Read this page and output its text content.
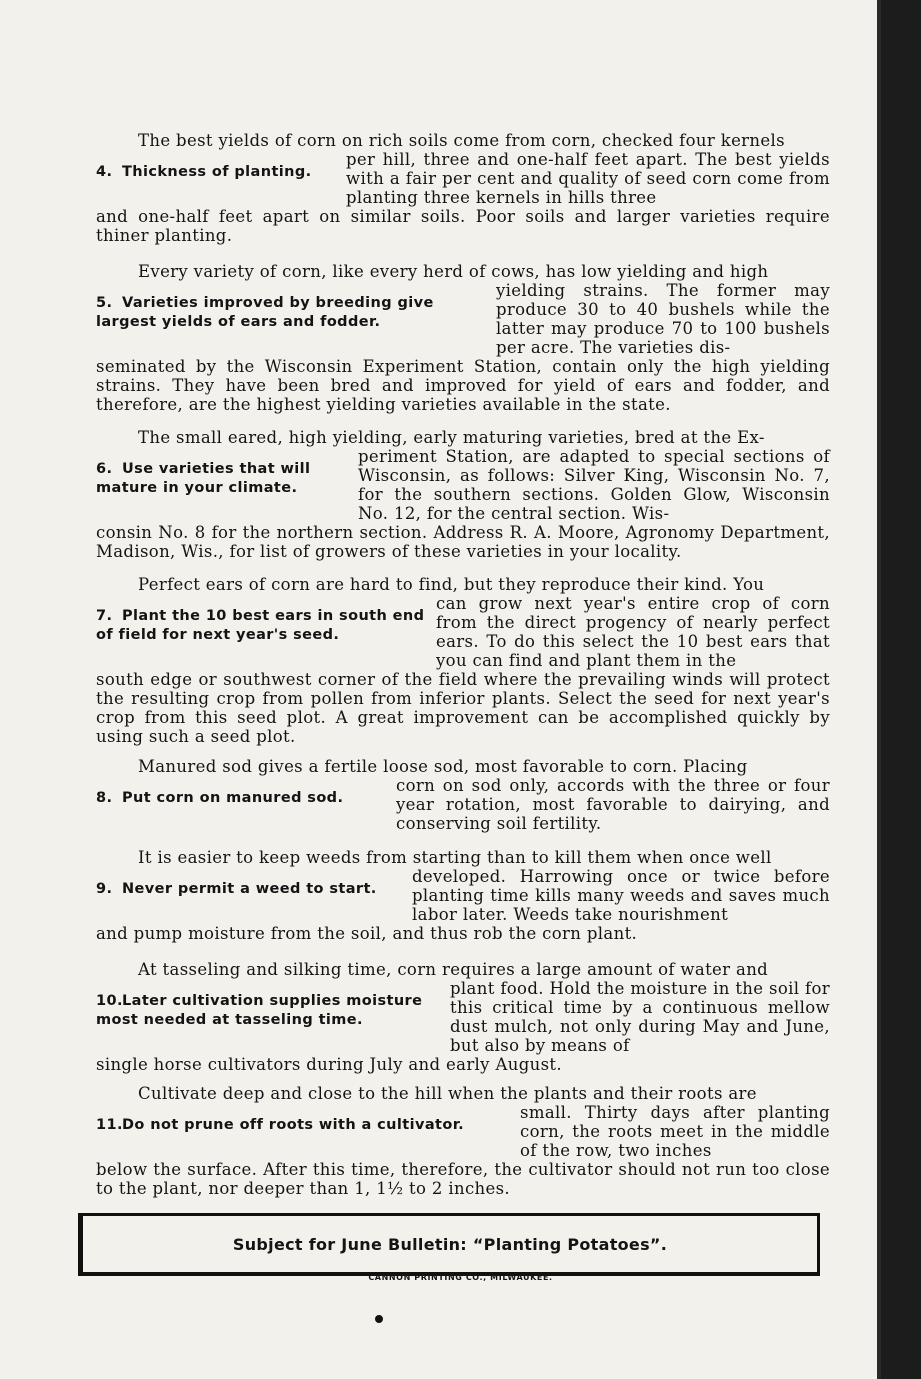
The best yields of corn on rich soils come from corn, checked four kernels
4. Thickness of planting.
per hill, three and one-half feet apart. The best yields with a fair per cent and quality of seed corn come from planting three kernels in hills three
and one-half feet apart on similar soils. Poor soils and larger varieties require thiner planting.
Every variety of corn, like every herd of cows, has low yielding and high
5. Varieties improved by breeding give largest yields of ears and fodder.
yielding strains. The former may produce 30 to 40 bushels while the latter may produce 70 to 100 bushels per acre. The varieties dis-
seminated by the Wisconsin Experiment Station, contain only the high yielding strains. They have been bred and improved for yield of ears and fodder, and therefore, are the highest yielding varieties available in the state.
The small eared, high yielding, early maturing varieties, bred at the Ex-
6. Use varieties that will mature in your climate.
periment Station, are adapted to special sections of Wisconsin, as follows: Silver King, Wisconsin No. 7, for the southern sections. Golden Glow, Wisconsin No. 12, for the central section. Wis-
consin No. 8 for the northern section. Address R. A. Moore, Agronomy Department, Madison, Wis., for list of growers of these varieties in your locality.
Perfect ears of corn are hard to find, but they reproduce their kind. You
7. Plant the 10 best ears in south end of field for next year's seed.
can grow next year's entire crop of corn from the direct progency of nearly perfect ears. To do this select the 10 best ears that you can find and plant them in the
south edge or southwest corner of the field where the prevailing winds will protect the resulting crop from pollen from inferior plants. Select the seed for next year's crop from this seed plot. A great improvement can be accomplished quickly by using such a seed plot.
Manured sod gives a fertile loose sod, most favorable to corn. Placing
8. Put corn on manured sod.
corn on sod only, accords with the three or four year rotation, most favorable to dairying, and conserving soil fertility.
It is easier to keep weeds from starting than to kill them when once well
9. Never permit a weed to start.
developed. Harrowing once or twice before planting time kills many weeds and saves much labor later. Weeds take nourishment
and pump moisture from the soil, and thus rob the corn plant.
At tasseling and silking time, corn requires a large amount of water and
10.Later cultivation supplies moisture most needed at tasseling time.
plant food. Hold the moisture in the soil for this critical time by a continuous mellow dust mulch, not only during May and June, but also by means of
single horse cultivators during July and early August.
Cultivate deep and close to the hill when the plants and their roots are
11.Do not prune off roots with a cultivator.
small. Thirty days after planting corn, the roots meet in the middle of the row, two inches
below the surface. After this time, therefore, the cultivator should not run too close to the plant, nor deeper than 1, 1½ to 2 inches.
Subject for June Bulletin: “Planting Potatoes”.
CANNON PRINTING CO., MILWAUKEE.
